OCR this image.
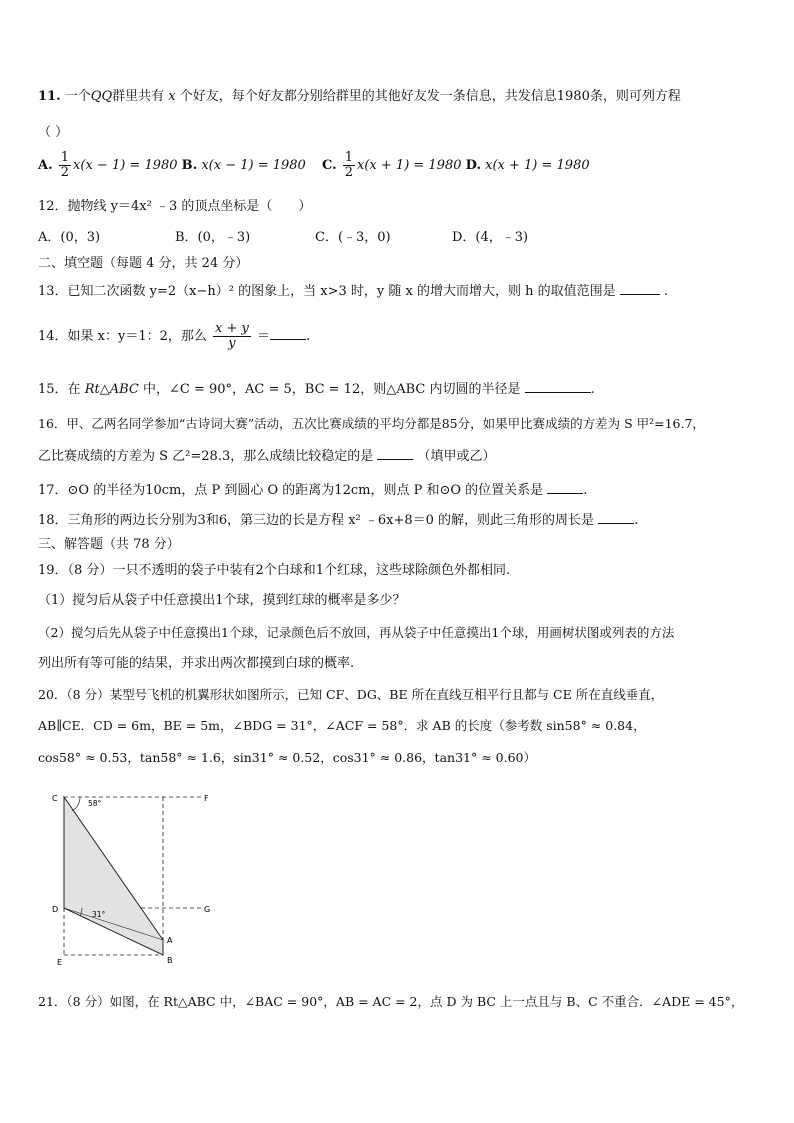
11. 一个QQ群里共有 x 个好友，每个好友都分别给群里的其他好友发一条信息，共发信息1980条，则可列方程
（ ）
A. $\frac{1}{2} x(x - 1) = 1980$ B. x(x − 1) = 1980 C. $\frac{1}{2} x(x + 1) = 1980$ D. x(x + 1) = 1980
12．抛物线 y＝4x² ﹣3 的顶点坐标是（　　）
A．(0，3)	B．(0，﹣3)	C．(﹣3，0)	D．(4，﹣3)
二、填空题（每题 4 分，共 24 分）
13．已知二次函数 y=2（x−h）² 的图象上，当 x>3 时，y 随 x 的增大而增大，则 h 的取值范围是	.
14．如果 x：y＝1：2，那么 $\frac{x + y}{y}$ ＝	.
15．在 Rt△ABC 中，∠C = 90°，AC = 5，BC = 12，则△ABC 内切圆的半径是	.
16．甲、乙两名同学参加“古诗词大赛”活动，五次比赛成绩的平均分都是85分，如果甲比赛成绩的方差为 S 甲²=16.7，
乙比赛成绩的方差为 S 乙²=28.3，那么成绩比较稳定的是	（填甲或乙）
17．⊙O 的半径为10cm，点 P 到圆心 O 的距离为12cm，则点 P 和⊙O 的位置关系是	.
18．三角形的两边长分别为3和6，第三边的长是方程 x² ﹣6x+8＝0 的解，则此三角形的周长是	.
三、解答题（共 78 分）
19．（8 分）一只不透明的袋子中装有2个白球和1个红球，这些球除颜色外都相同.
（1）搅匀后从袋子中任意摸出1个球，摸到红球的概率是多少？
（2）搅匀后先从袋子中任意摸出1个球，记录颜色后不放回，再从袋子中任意摸出1个球，用画树状图或列表的方法
列出所有等可能的结果，并求出两次都摸到白球的概率.
20．（8 分）某型号飞机的机翼形状如图所示，已知 CF、DG、BE 所在直线互相平行且都与 CE 所在直线垂直，
AB∥CE．CD = 6m，BE = 5m，∠BDG = 31°，∠ACF = 58°．求 AB 的长度（参考数 sin58° ≈ 0.84，
cos58° ≈ 0.53，tan58° ≈ 1.6，sin31° ≈ 0.52，cos31° ≈ 0.86，tan31° ≈ 0.60）
C	F
D	G
A
B
E
58°
31°
21．（8 分）如图，在 Rt△ABC 中，∠BAC = 90°，AB = AC = 2，点 D 为 BC 上一点且与 B、C 不重合．∠ADE = 45°，
